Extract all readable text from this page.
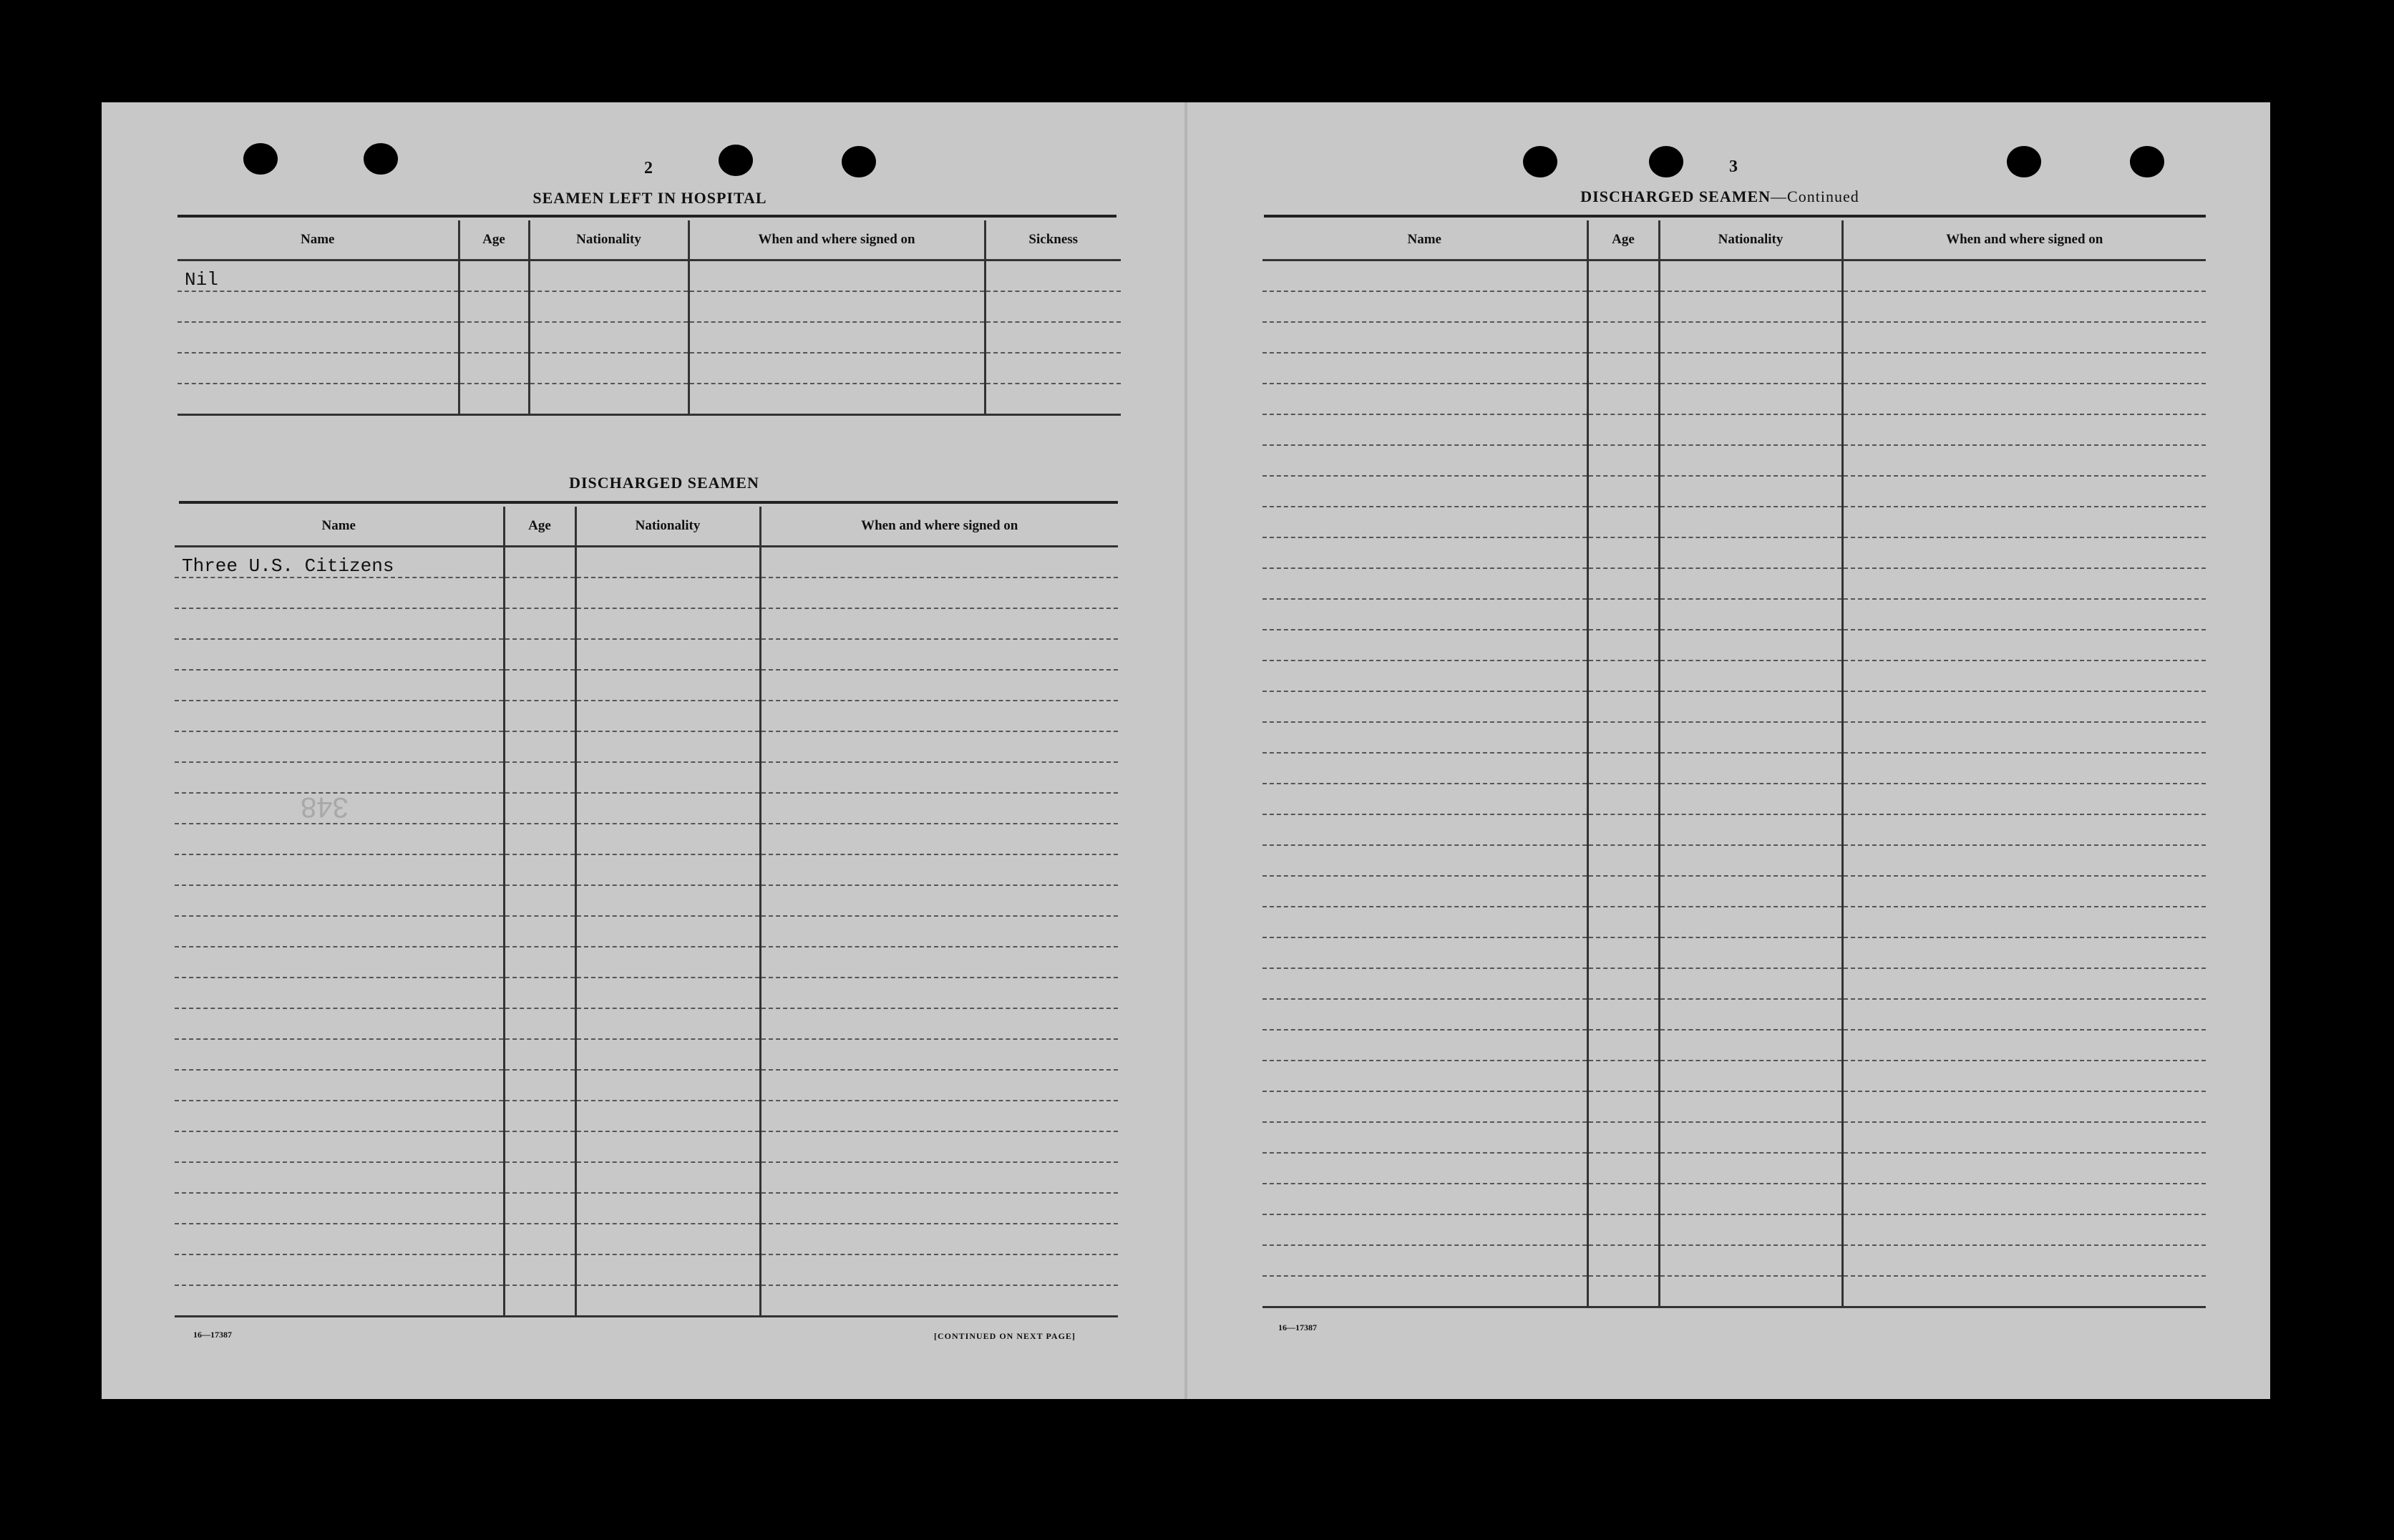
2
SEAMEN LEFT IN HOSPITAL
Name	Age	Nationality	When and where signed on	Sickness
Nil				

DISCHARGED SEAMEN
Name	Age	Nationality	When and where signed on
Three U.S. Citizens			

16—17387	[CONTINUED ON NEXT PAGE]
348
3
DISCHARGED SEAMEN—Continued
Name	Age	Nationality	When and where signed on

16—17387
